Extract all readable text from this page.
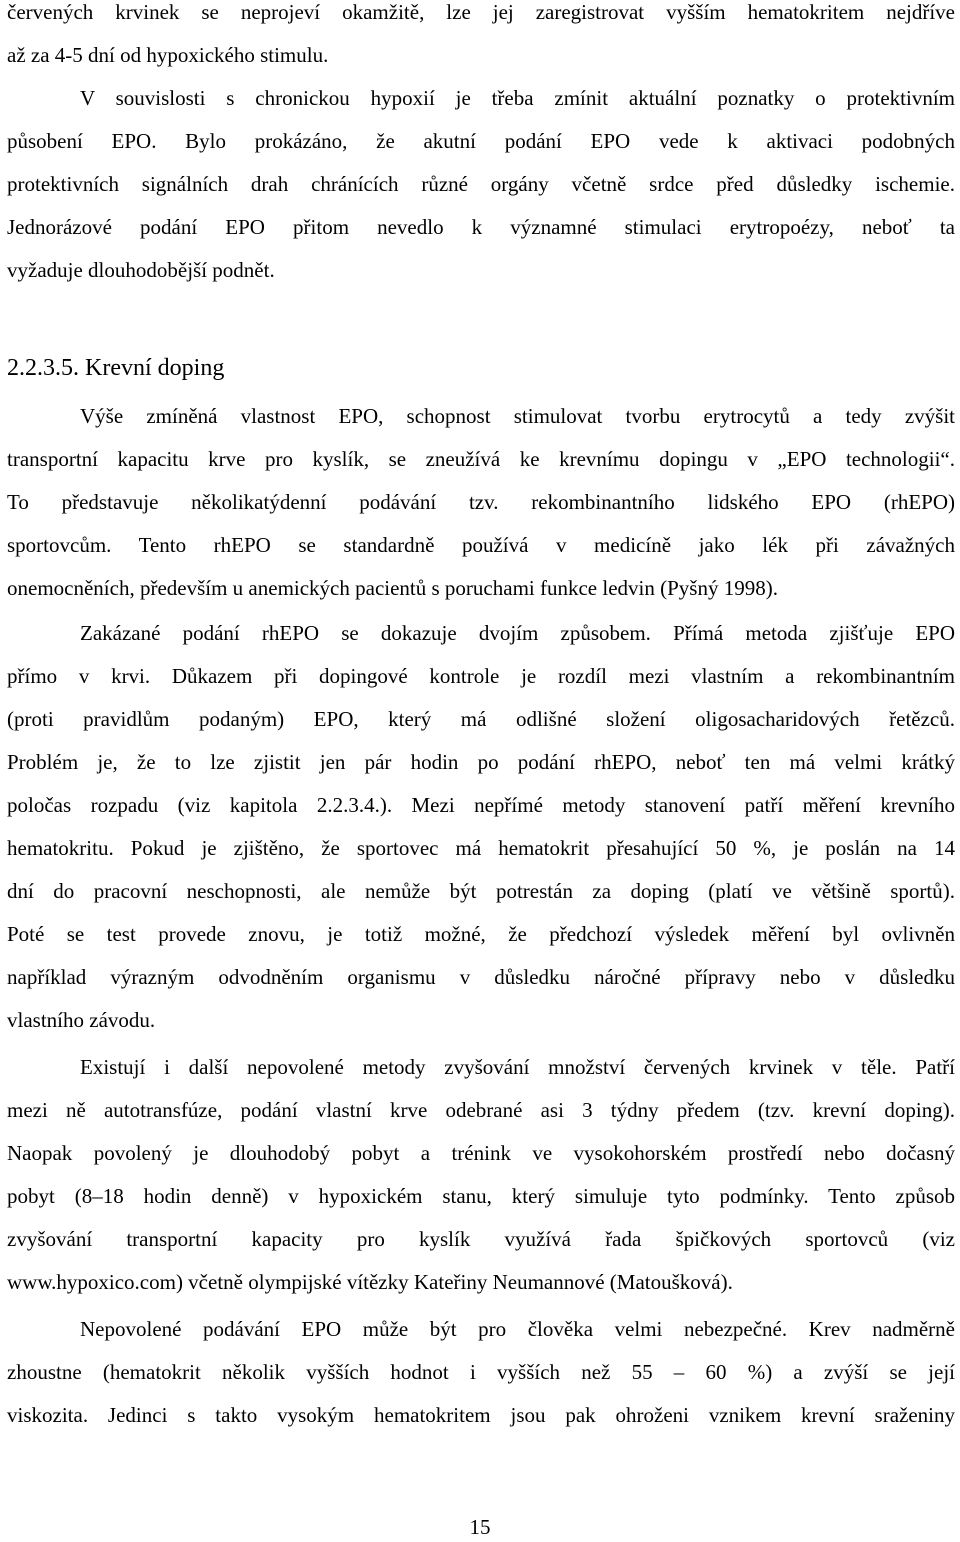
červených krvinek se neprojeví okamžitě, lze jej zaregistrovat vyšším hematokritem nejdříve
až za 4-5 dní od hypoxického stimulu.
V souvislosti s chronickou hypoxií je třeba zmínit aktuální poznatky o protektivním
působení EPO. Bylo prokázáno, že akutní podání EPO vede k aktivaci podobných
protektivních signálních drah chránících různé orgány včetně srdce před důsledky ischemie.
Jednorázové podání EPO přitom nevedlo k významné stimulaci erytropoézy, neboť ta
vyžaduje dlouhodobější podnět.
2.2.3.5. Krevní doping
Výše zmíněná vlastnost EPO, schopnost stimulovat tvorbu erytrocytů a tedy zvýšit
transportní kapacitu krve pro kyslík, se zneužívá ke krevnímu dopingu v „EPO technologii“.
To představuje několikatýdenní podávání tzv. rekombinantního lidského EPO (rhEPO)
sportovcům. Tento rhEPO se standardně používá v medicíně jako lék při závažných
onemocněních, především u anemických pacientů s poruchami funkce ledvin (Pyšný 1998).
Zakázané podání rhEPO se dokazuje dvojím způsobem. Přímá metoda zjišťuje EPO
přímo v krvi. Důkazem při dopingové kontrole je rozdíl mezi vlastním a rekombinantním
(proti pravidlům podaným) EPO, který má odlišné složení oligosacharidových řetězců.
Problém je, že to lze zjistit jen pár hodin po podání rhEPO, neboť ten má velmi krátký
poločas rozpadu (viz kapitola 2.2.3.4.). Mezi nepřímé metody stanovení patří měření krevního
hematokritu. Pokud je zjištěno, že sportovec má hematokrit přesahující 50 %, je poslán na 14
dní do pracovní neschopnosti, ale nemůže být potrestán za doping (platí ve většině sportů).
Poté se test provede znovu, je totiž možné, že předchozí výsledek měření byl ovlivněn
například výrazným odvodněním organismu v důsledku náročné přípravy nebo v důsledku
vlastního závodu.
Existují i další nepovolené metody zvyšování množství červených krvinek v těle. Patří
mezi ně autotransfúze, podání vlastní krve odebrané asi 3 týdny předem (tzv. krevní doping).
Naopak povolený je dlouhodobý pobyt a trénink ve vysokohorském prostředí nebo dočasný
pobyt (8–18 hodin denně) v hypoxickém stanu, který simuluje tyto podmínky. Tento způsob
zvyšování transportní kapacity pro kyslík využívá řada špičkových sportovců (viz
www.hypoxico.com) včetně olympijské vítězky Kateřiny Neumannové (Matoušková).
Nepovolené podávání EPO může být pro člověka velmi nebezpečné. Krev nadměrně
zhoustne (hematokrit několik vyšších hodnot i vyšších než 55 – 60 %) a zvýší se její
viskozita. Jedinci s takto vysokým hematokritem jsou pak ohroženi vznikem krevní sraženiny
15
